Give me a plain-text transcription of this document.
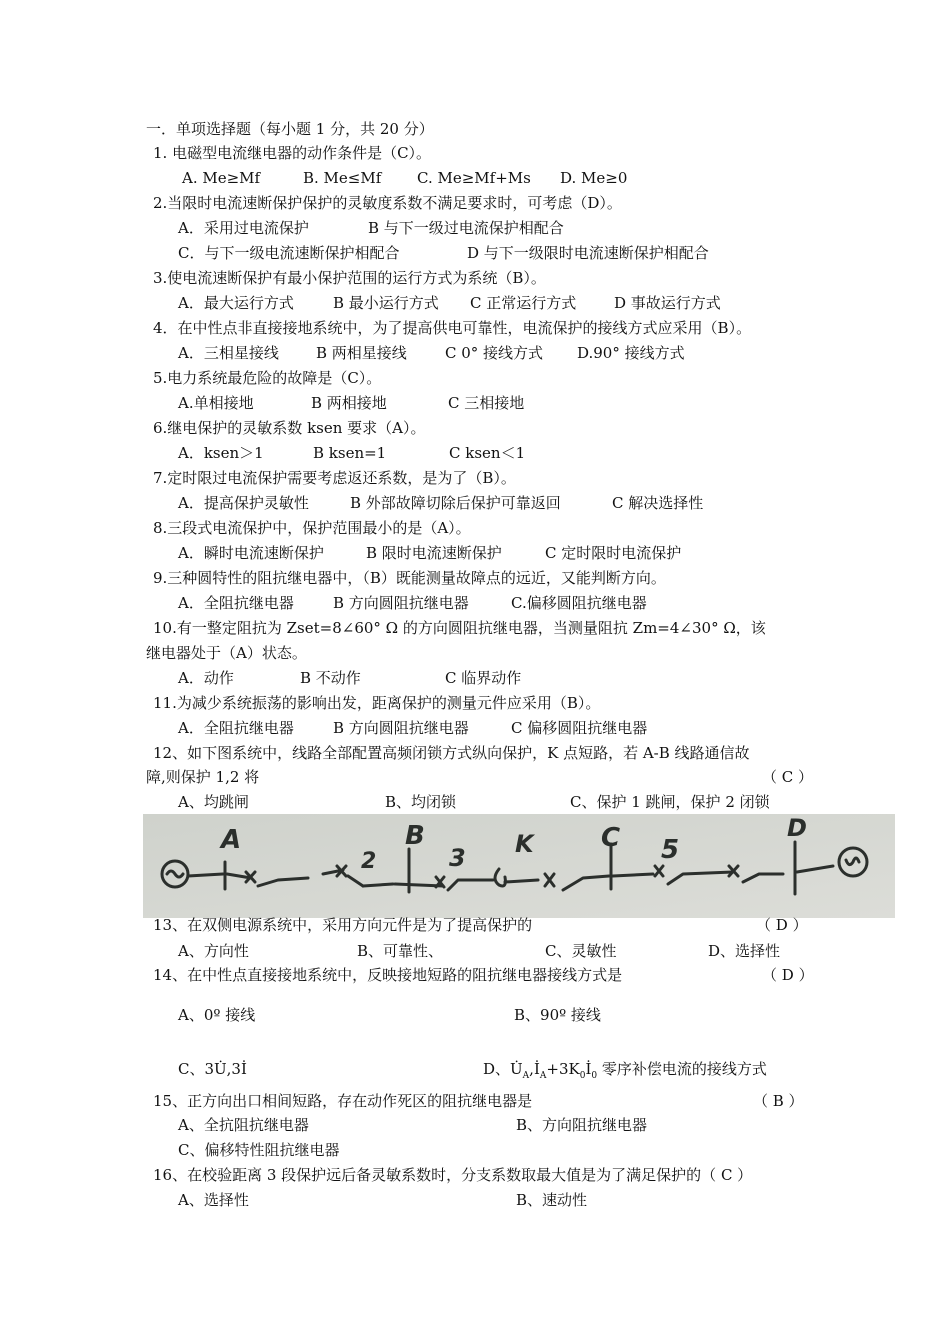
一．单项选择题（每小题 1 分，共 20 分）
1. 电磁型电流继电器的动作条件是（C）。
A. Me≥Mf	B. Me≤Mf C. Me≥Mf+Ms D. Me≥0
2.当限时电流速断保护保护的灵敏度系数不满足要求时，可考虑（D）。
A．采用过电流保护	B 与下一级过电流保护相配合
C．与下一级电流速断保护相配合	D 与下一级限时电流速断保护相配合
3.使电流速断保护有最小保护范围的运行方式为系统（B）。
A．最大运行方式	B 最小运行方式 C 正常运行方式	D 事故运行方式
4．在中性点非直接接地系统中，为了提高供电可靠性，电流保护的接线方式应采用（B）。
A．三相星接线 B 两相星接线	C 0° 接线方式 D.90° 接线方式
5.电力系统最危险的故障是（C）。
A.单相接地	B 两相接地	C 三相接地
6.继电保护的灵敏系数 ksen 要求（A）。
A．ksen＞1	B ksen=1	C ksen＜1
7.定时限过电流保护需要考虑返还系数，是为了（B）。
A．提高保护灵敏性	B 外部故障切除后保护可靠返回	C 解决选择性
8.三段式电流保护中，保护范围最小的是（A）。
A．瞬时电流速断保护	B 限时电流速断保护	C 定时限时电流保护
9.三种圆特性的阻抗继电器中，（B）既能测量故障点的远近，又能判断方向。
A．全阻抗继电器	B 方向圆阻抗继电器	C.偏移圆阻抗继电器
10.有一整定阻抗为 Zset=8∠60° Ω 的方向圆阻抗继电器，当测量阻抗 Zm=4∠30° Ω，该
继电器处于（A）状态。
A．动作	B 不动作	C 临界动作
11.为减少系统振荡的影响出发，距离保护的测量元件应采用（B）。
A．全阻抗继电器	B 方向圆阻抗继电器	C 偏移圆阻抗继电器
12、如下图系统中，线路全部配置高频闭锁方式纵向保护，K 点短路，若 A-B 线路通信故
障,则保护 1,2 将	（ C ）
A、均跳闸	B、均闭锁	C、保护 1 跳闸，保护 2 闭锁
A	B	C	D
K
2	3	5
13、在双侧电源系统中，采用方向元件是为了提高保护的	（ D ）
A、方向性	B、可靠性、	C、灵敏性	D、选择性
14、在中性点直接接地系统中，反映接地短路的阻抗继电器接线方式是	（ D ）
A、0º 接线	B、90º 接线
C、3U̇,3İ	D、$U̇_A,İ_A+3K_0İ_0$ 零序补偿电流的接线方式
15、正方向出口相间短路，存在动作死区的阻抗继电器是	（ B ）
A、全抗阻抗继电器	B、方向阻抗继电器
C、偏移特性阻抗继电器
16、在校验距离 3 段保护远后备灵敏系数时，分支系数取最大值是为了满足保护的（ C ）
A、选择性	B、速动性
